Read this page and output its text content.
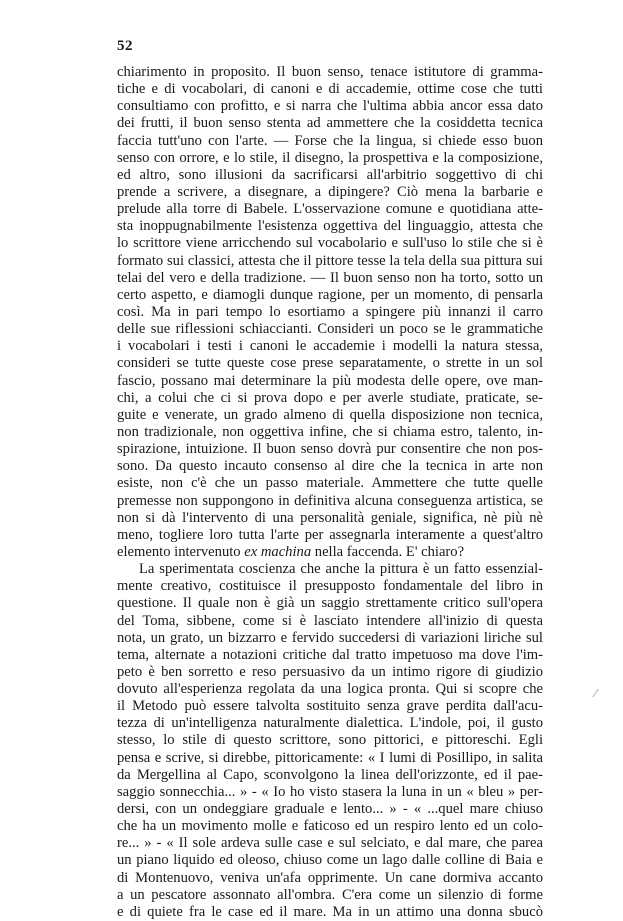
52
chiarimento in proposito. Il buon senso, tenace istitutore di gramma-
tiche e di vocabolari, di canoni e di accademie, ottime cose che tutti
consultiamo con profitto, e si narra che l'ultima abbia ancor essa dato
dei frutti, il buon senso stenta ad ammettere che la cosiddetta tecnica
faccia tutt'uno con l'arte. — Forse che la lingua, si chiede esso buon
senso con orrore, e lo stile, il disegno, la prospettiva e la composizione,
ed altro, sono illusioni da sacrificarsi all'arbitrio soggettivo di chi
prende a scrivere, a disegnare, a dipingere? Ciò mena la barbarie e
prelude alla torre di Babele. L'osservazione comune e quotidiana atte-
sta inoppugnabilmente l'esistenza oggettiva del linguaggio, attesta che
lo scrittore viene arricchendo sul vocabolario e sull'uso lo stile che si è
formato sui classici, attesta che il pittore tesse la tela della sua pittura sui
telai del vero e della tradizione. — Il buon senso non ha torto, sotto un
certo aspetto, e diamogli dunque ragione, per un momento, di pensarla
così. Ma in pari tempo lo esortiamo a spingere più innanzi il carro
delle sue riflessioni schiaccianti. Consideri un poco se le grammatiche
i vocabolari i testi i canoni le accademie i modelli la natura stessa,
consideri se tutte queste cose prese separatamente, o strette in un sol
fascio, possano mai determinare la più modesta delle opere, ove man-
chi, a colui che ci si prova dopo e per averle studiate, praticate, se-
guite e venerate, un grado almeno di quella disposizione non tecnica,
non tradizionale, non oggettiva infine, che si chiama estro, talento, in-
spirazione, intuizione. Il buon senso dovrà pur consentire che non pos-
sono. Da questo incauto consenso al dire che la tecnica in arte non
esiste, non c'è che un passo materiale. Ammettere che tutte quelle
premesse non suppongono in definitiva alcuna conseguenza artistica, se
non si dà l'intervento di una personalità geniale, significa, nè più nè
meno, togliere loro tutta l'arte per assegnarla interamente a quest'altro
elemento intervenuto ex machina nella faccenda. E' chiaro?
La sperimentata coscienza che anche la pittura è un fatto essenzial-
mente creativo, costituisce il presupposto fondamentale del libro in
questione. Il quale non è già un saggio strettamente critico sull'opera
del Toma, sibbene, come si è lasciato intendere all'inizio di questa
nota, un grato, un bizzarro e fervido succedersi di variazioni liriche sul
tema, alternate a notazioni critiche dal tratto impetuoso ma dove l'im-
peto è ben sorretto e reso persuasivo da un intimo rigore di giudizio
dovuto all'esperienza regolata da una logica pronta. Qui si scopre che
il Metodo può essere talvolta sostituito senza grave perdita dall'acu-
tezza di un'intelligenza naturalmente dialettica. L'indole, poi, il gusto
stesso, lo stile di questo scrittore, sono pittorici, e pittoreschi. Egli
pensa e scrive, si direbbe, pittoricamente: « I lumi di Posillipo, in salita
da Mergellina al Capo, sconvolgono la linea dell'orizzonte, ed il pae-
saggio sonnecchia... » - « Io ho visto stasera la luna in un « bleu » per-
dersi, con un ondeggiare graduale e lento... » - « ...quel mare chiuso
che ha un movimento molle e faticoso ed un respiro lento ed un colo-
re... » - « Il sole ardeva sulle case e sul selciato, e dal mare, che parea
un piano liquido ed oleoso, chiuso come un lago dalle colline di Baia e
di Montenuovo, veniva un'afa opprimente. Un cane dormiva accanto
a un pescatore assonnato all'ombra. C'era come un silenzio di forme
e di quiete fra le case ed il mare. Ma in un attimo una donna sbucò
